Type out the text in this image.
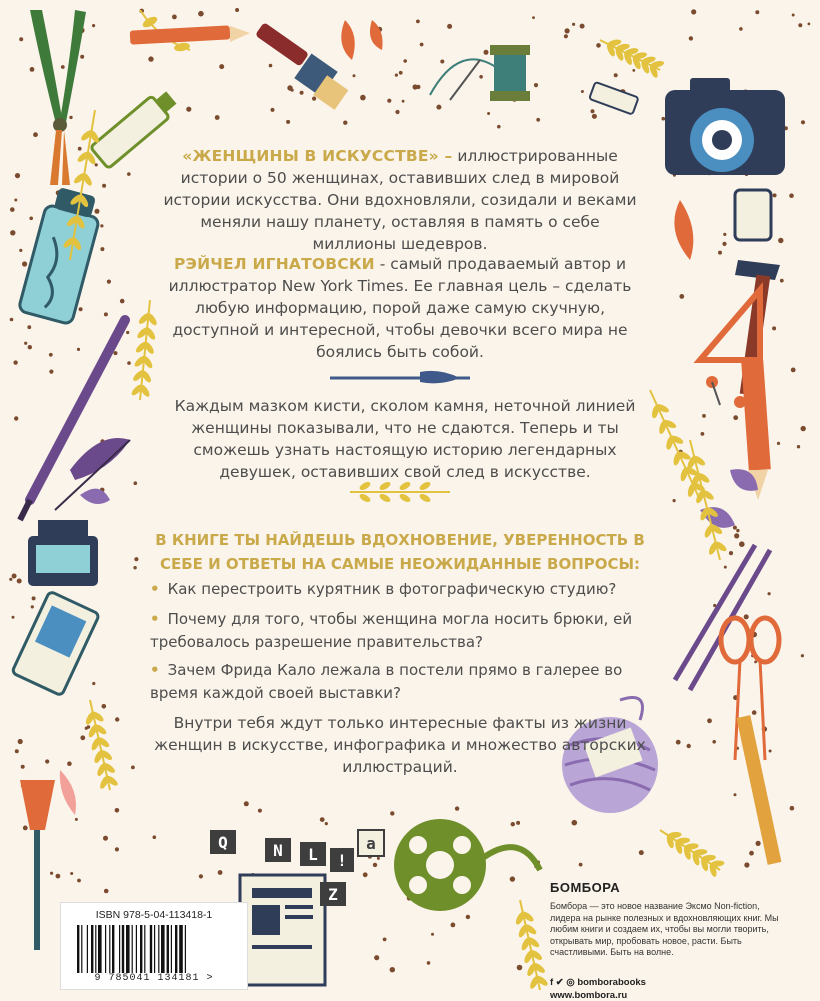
Q	N L !
a
Z
«ЖЕНЩИНЫ В ИСКУССТВЕ» – иллюстрированные истории о 50 женщинах, оставивших след в мировой истории искусства. Они вдохновляли, созидали и веками меняли нашу планету, оставляя в память о себе миллионы шедевров.
РЭЙЧЕЛ ИГНАТОВСКИ - самый продаваемый автор и иллюстратор New York Times. Ее главная цель – сделать любую информацию, порой даже самую скучную, доступной и интересной, чтобы девочки всего мира не боялись быть собой.
Каждым мазком кисти, сколом камня, неточной линией женщины показывали, что не сдаются. Теперь и ты сможешь узнать настоящую историю легендарных девушек, оставивших свой след в искусстве.
В КНИГЕ ТЫ НАЙДЕШЬ ВДОХНОВЕНИЕ, УВЕРЕННОСТЬ В СЕБЕ И ОТВЕТЫ НА САМЫЕ НЕОЖИДАННЫЕ ВОПРОСЫ:
• Как перестроить курятник в фотографическую студию?
• Почему для того, чтобы женщина могла носить брюки, ей требовалось разрешение правительства?
• Зачем Фрида Кало лежала в постели прямо в галерее во время каждой своей выставки?
Внутри тебя ждут только интересные факты из жизни женщин в искусстве, инфографика и множество авторских иллюстраций.
ISBN 978-5-04-113418-1
9 785041 134181 >
БОМБОРА
Бомбора — это новое название Эксмо Non-fiction, лидера на рынке полезных и вдохновляющих книг. Мы любим книги и создаем их, чтобы вы могли творить, открывать мир, пробовать новое, расти. Быть счастливыми. Быть на волне.
f ✔ ◎ bomborabooks
www.bombora.ru
